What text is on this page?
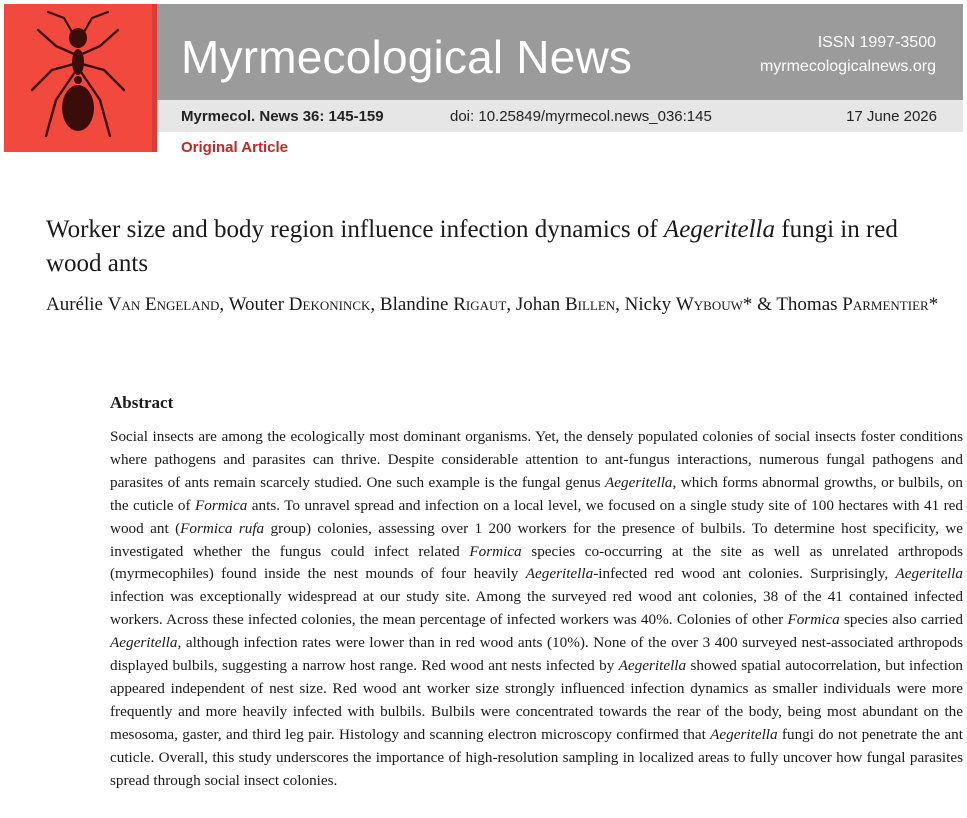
Myrmecological News	ISSN 1997-3500
myrmecologicalnews.org
Myrmecol. News 36: 145-159	doi: 10.25849/myrmecol.news_036:145	17 June 2026
Original Article
Worker size and body region influence infection dynamics of Aegeritella fungi in red wood ants
Aurélie Van Engeland, Wouter Dekoninck, Blandine Rigaut, Johan Billen, Nicky Wybouw* & Thomas Parmentier*
Abstract
Social insects are among the ecologically most dominant organisms. Yet, the densely populated colonies of social insects foster conditions where pathogens and parasites can thrive. Despite considerable attention to ant-fungus interactions, numerous fungal pathogens and parasites of ants remain scarcely studied. One such example is the fungal genus Aegeritella, which forms abnormal growths, or bulbils, on the cuticle of Formica ants. To unravel spread and infection on a local level, we focused on a single study site of 100 hectares with 41 red wood ant (Formica rufa group) colonies, assessing over 1 200 workers for the presence of bulbils. To determine host specificity, we investigated whether the fungus could infect related Formica species co-occurring at the site as well as unrelated arthropods (myrmecophiles) found inside the nest mounds of four heavily Aegeritella-infected red wood ant colonies. Surprisingly, Aegeritella infection was exceptionally widespread at our study site. Among the surveyed red wood ant colonies, 38 of the 41 contained infected workers. Across these infected colonies, the mean percentage of infected workers was 40%. Colonies of other Formica species also carried Aegeritella, although infection rates were lower than in red wood ants (10%). None of the over 3 400 surveyed nest-associated arthropods displayed bulbils, suggesting a narrow host range. Red wood ant nests infected by Aegeritella showed spatial autocorrelation, but infection appeared independent of nest size. Red wood ant worker size strongly influenced infection dynamics as smaller individuals were more frequently and more heavily infected with bulbils. Bulbils were concentrated towards the rear of the body, being most abundant on the mesosoma, gaster, and third leg pair. Histology and scanning electron microscopy confirmed that Aegeritella fungi do not penetrate the ant cuticle. Overall, this study underscores the importance of high-resolution sampling in localized areas to fully uncover how fungal parasites spread through social insect colonies.
